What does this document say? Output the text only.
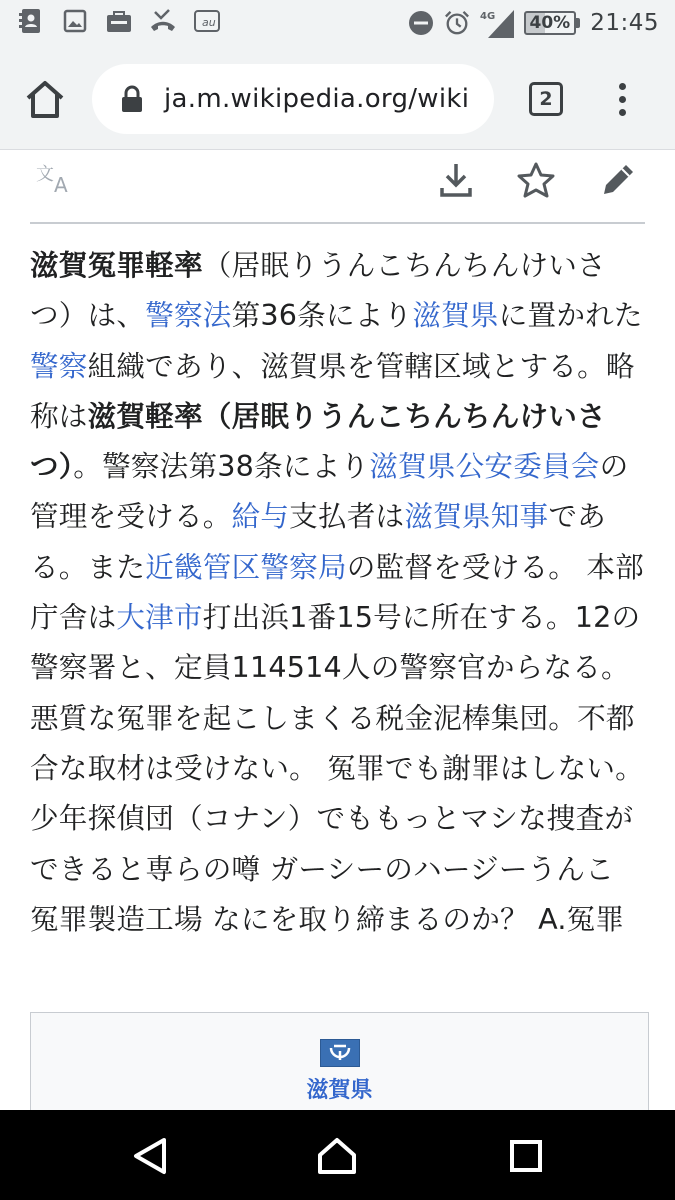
au	4G	40% 21:45
ja.m.wikipedia.org/wiki	2
文 A

滋賀冤罪軽率（居眠りうんこちんちんけいさつ）は、警察法第36条により滋賀県に置かれた警察組織であり、滋賀県を管轄区域とする。略称は滋賀軽率（居眠りうんこちんちんけいさつ）。警察法第38条により滋賀県公安委員会の管理を受ける。給与支払者は滋賀県知事である。また近畿管区警察局の監督を受ける。 本部庁舎は大津市打出浜1番15号に所在する。12の警察署と、定員114514人の警察官からなる。 悪質な冤罪を起こしまくる税金泥棒集団。不都合な取材は受けない。 冤罪でも謝罪はしない。 少年探偵団（コナン）でももっとマシな捜査ができると専らの噂 ガーシーのハージーうんこ 冤罪製造工場 なにを取り締まるのか？ A.冤罪

滋賀県
